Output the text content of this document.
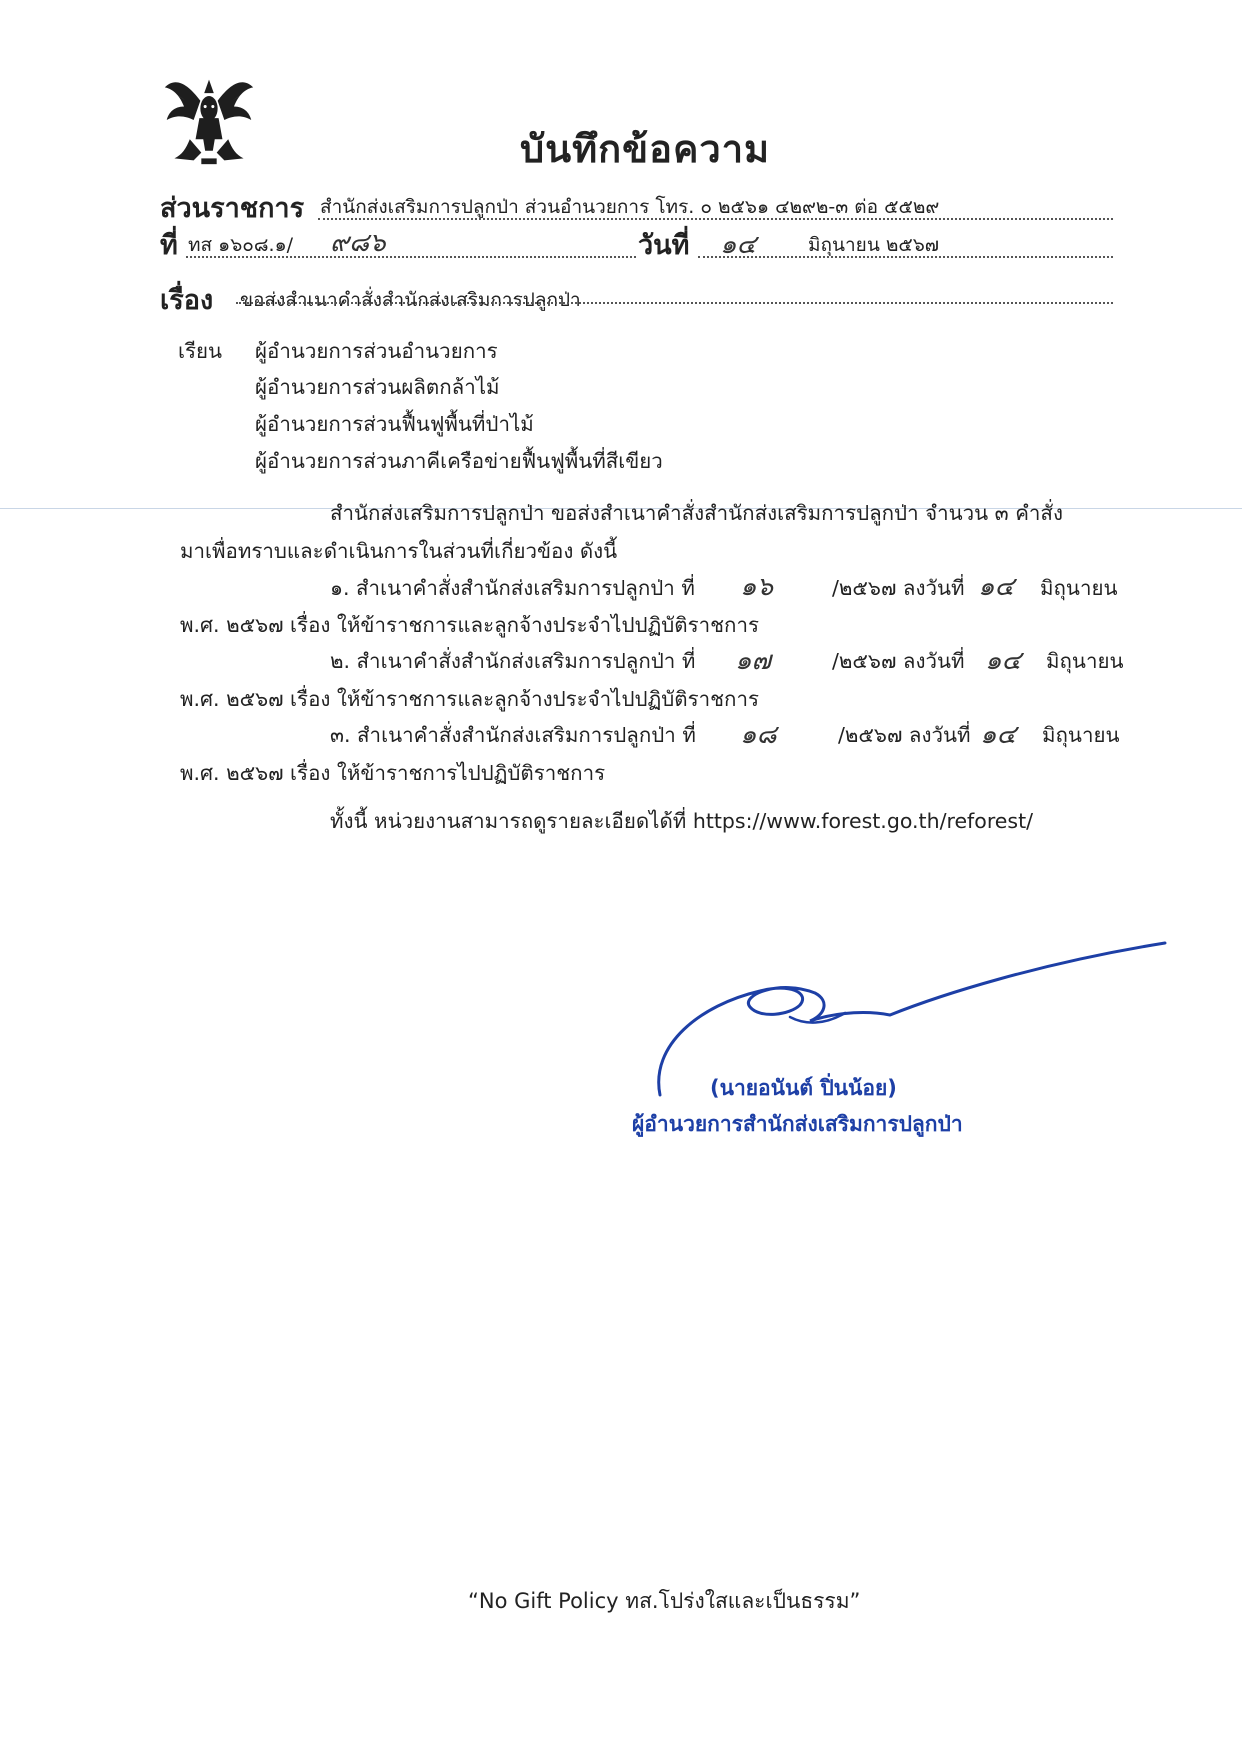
บันทึกข้อความ
ส่วนราชการ สำนักส่งเสริมการปลูกป่า ส่วนอำนวยการ โทร. ๐ ๒๕๖๑ ๔๒๙๒-๓ ต่อ ๕๕๒๙
ที่ ทส ๑๖๐๘.๑/ ๙๘๖	วันที่ ๑๔	มิถุนายน ๒๕๖๗
เรื่อง ขอส่งสำเนาคำสั่งสำนักส่งเสริมการปลูกป่า
เรียน ผู้อำนวยการส่วนอำนวยการ
ผู้อำนวยการส่วนผลิตกล้าไม้
ผู้อำนวยการส่วนฟื้นฟูพื้นที่ป่าไม้
ผู้อำนวยการส่วนภาคีเครือข่ายฟื้นฟูพื้นที่สีเขียว
สำนักส่งเสริมการปลูกป่า ขอส่งสำเนาคำสั่งสำนักส่งเสริมการปลูกป่า จำนวน ๓ คำสั่ง
มาเพื่อทราบและดำเนินการในส่วนที่เกี่ยวข้อง ดังนี้
๑. สำเนาคำสั่งสำนักส่งเสริมการปลูกป่า ที่ ๑๖	/๒๕๖๗ ลงวันที่ ๑๔ มิถุนายน
พ.ศ. ๒๕๖๗ เรื่อง ให้ข้าราชการและลูกจ้างประจำไปปฏิบัติราชการ
๒. สำเนาคำสั่งสำนักส่งเสริมการปลูกป่า ที่ ๑๗	/๒๕๖๗ ลงวันที่ ๑๔ มิถุนายน
พ.ศ. ๒๕๖๗ เรื่อง ให้ข้าราชการและลูกจ้างประจำไปปฏิบัติราชการ
๓. สำเนาคำสั่งสำนักส่งเสริมการปลูกป่า ที่ ๑๘	/๒๕๖๗ ลงวันที่ ๑๔ มิถุนายน
พ.ศ. ๒๕๖๗ เรื่อง ให้ข้าราชการไปปฏิบัติราชการ
ทั้งนี้ หน่วยงานสามารถดูรายละเอียดได้ที่ https://www.forest.go.th/reforest/
(นายอนันต์ ปิ่นน้อย)
ผู้อำนวยการสำนักส่งเสริมการปลูกป่า
“No Gift Policy ทส.โปร่งใสและเป็นธรรม”
